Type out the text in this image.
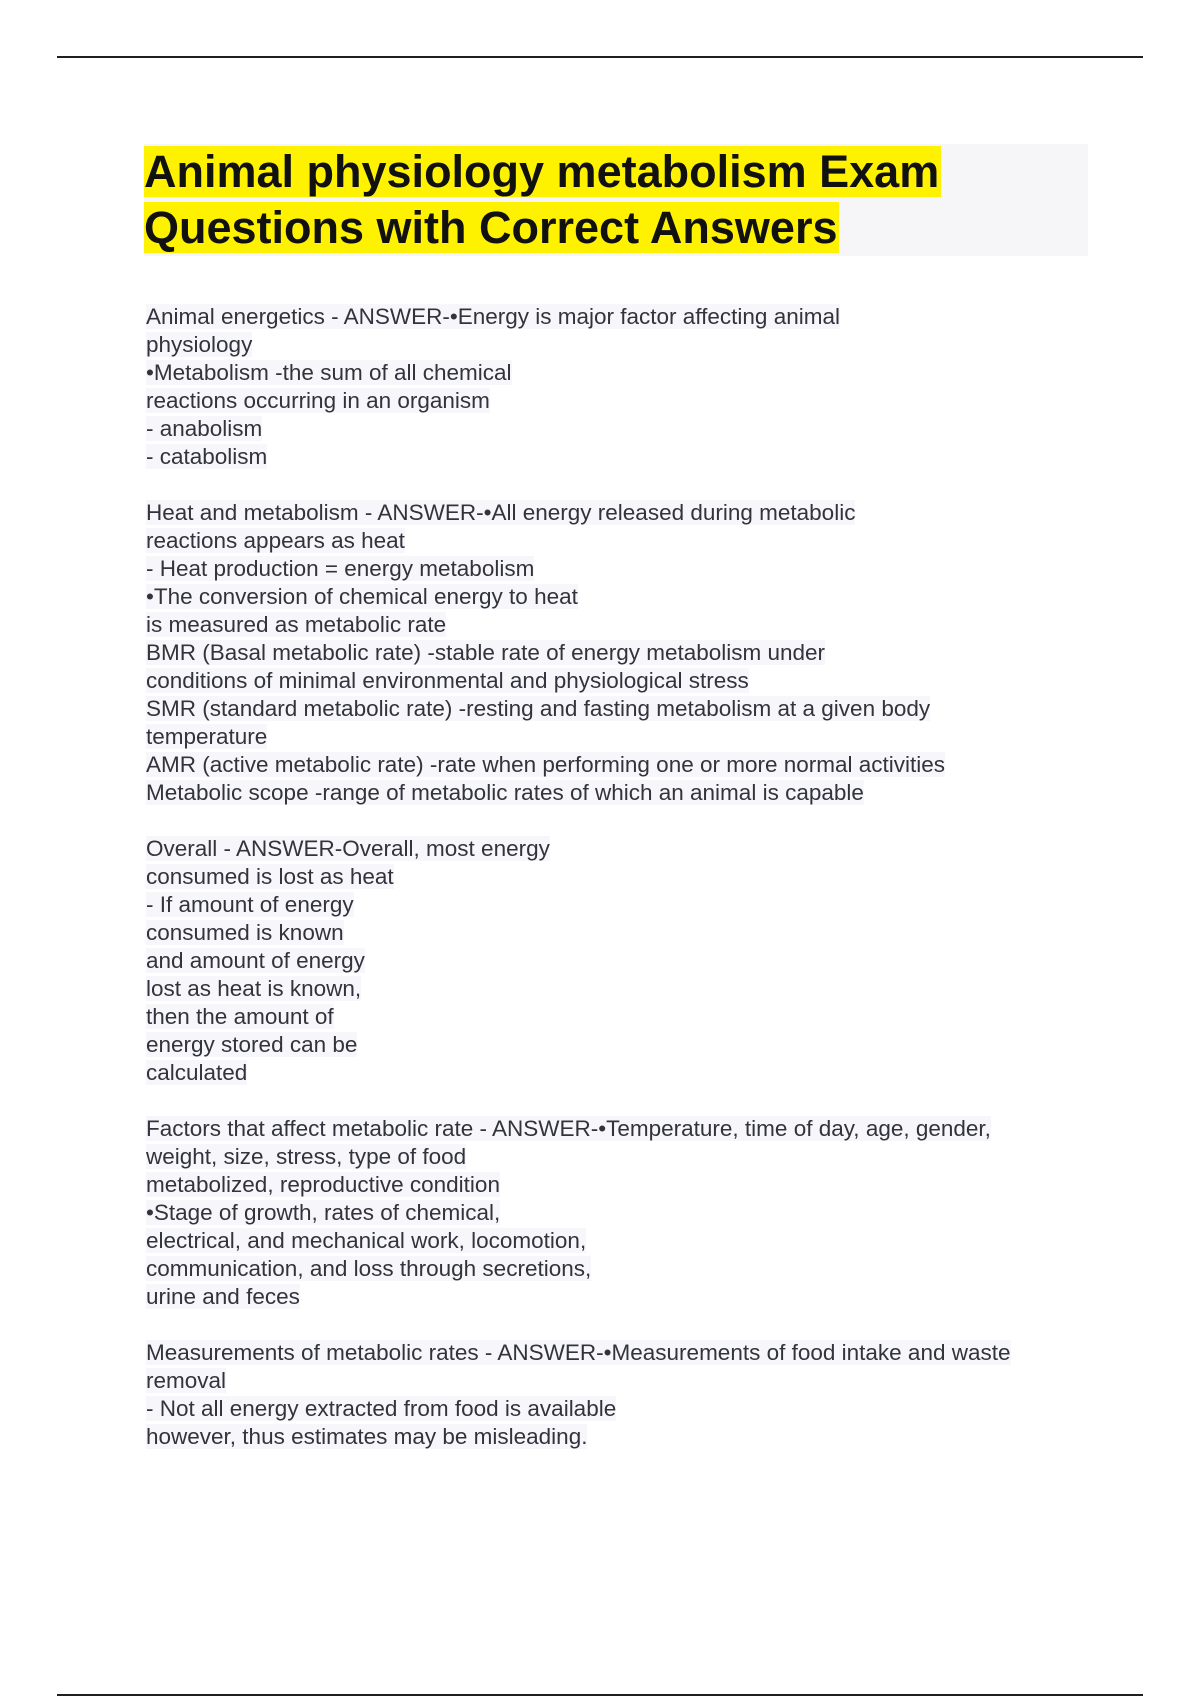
Animal physiology metabolism Exam
Questions with Correct Answers
Animal energetics - ANSWER-•Energy is major factor affecting animal
physiology
•Metabolism -the sum of all chemical
reactions occurring in an organism
- anabolism
- catabolism
Heat and metabolism - ANSWER-•All energy released during metabolic
reactions appears as heat
- Heat production = energy metabolism
•The conversion of chemical energy to heat
is measured as metabolic rate
BMR (Basal metabolic rate) -stable rate of energy metabolism under
conditions of minimal environmental and physiological stress
SMR (standard metabolic rate) -resting and fasting metabolism at a given body
temperature
AMR (active metabolic rate) -rate when performing one or more normal activities
Metabolic scope -range of metabolic rates of which an animal is capable
Overall - ANSWER-Overall, most energy
consumed is lost as heat
- If amount of energy
consumed is known
and amount of energy
lost as heat is known,
then the amount of
energy stored can be
calculated
Factors that affect metabolic rate - ANSWER-•Temperature, time of day, age, gender,
weight, size, stress, type of food
metabolized, reproductive condition
•Stage of growth, rates of chemical,
electrical, and mechanical work, locomotion,
communication, and loss through secretions,
urine and feces
Measurements of metabolic rates - ANSWER-•Measurements of food intake and waste
removal
- Not all energy extracted from food is available
however, thus estimates may be misleading.
